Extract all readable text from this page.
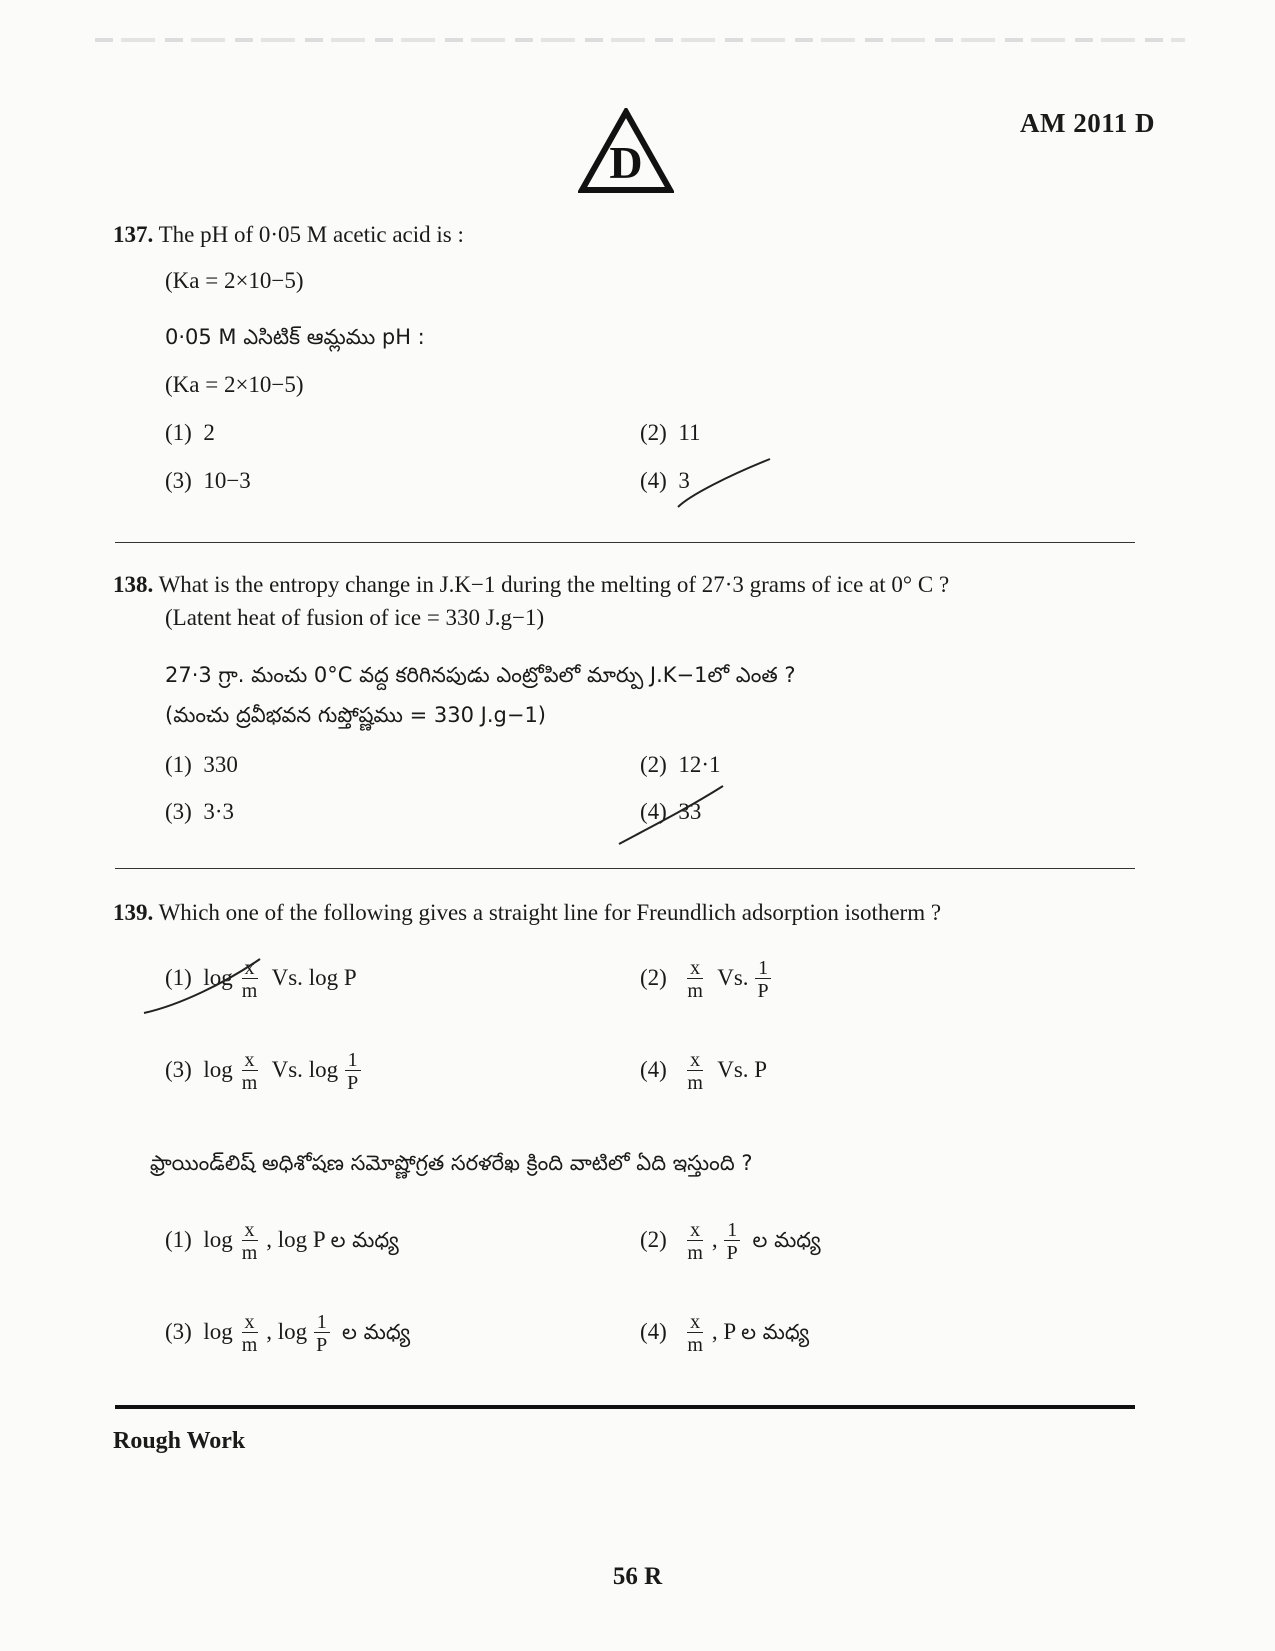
AM 2011 D
D
137. The pH of 0·05 M acetic acid is :
(Ka = 2×10−5)
0·05 M ఎసిటిక్ ఆమ్లము pH :
(Ka = 2×10−5)
(1) 2	(2) 11
(3) 10−3	(4) 3
138. What is the entropy change in J.K−1 during the melting of 27·3 grams of ice at 0° C ?
(Latent heat of fusion of ice = 330 J.g−1)
27·3 గ్రా. మంచు 0°C వద్ద కరిగినపుడు ఎంట్రోపిలో మార్పు J.K−1లో ఎంత ?
(మంచు ద్రవీభవన గుప్తోష్ణము = 330 J.g−1)
(1) 330	(2) 12·1
(3) 3·3	(4) 33
139. Which one of the following gives a straight line for Freundlich adsorption isotherm ?
(1) $\log \frac{x}{m} Vs$. log P	$(2) \frac{x}{m} Vs$. $\frac{1}{P}$
(3) $\log \frac{x}{m} Vs$. $\log \frac{1}{P}$	$(4) \frac{x}{m} Vs$. P
ఫ్రాయిండ్‌లిష్ అధిశోషణ సమోష్ణోగ్రత సరళరేఖ క్రింది వాటిలో ఏది ఇస్తుంది ?
(1) $\log \frac{x}{m}$ , log P ల మధ్య	$(2) \frac{x}{m}$ , $\frac{1}{P}$ ల మధ్య
(3) $\log \frac{x}{m}$ , $\log \frac{1}{P}$ ల మధ్య	$(4) \frac{x}{m}$ , P ల మధ్య
Rough Work
56 R
